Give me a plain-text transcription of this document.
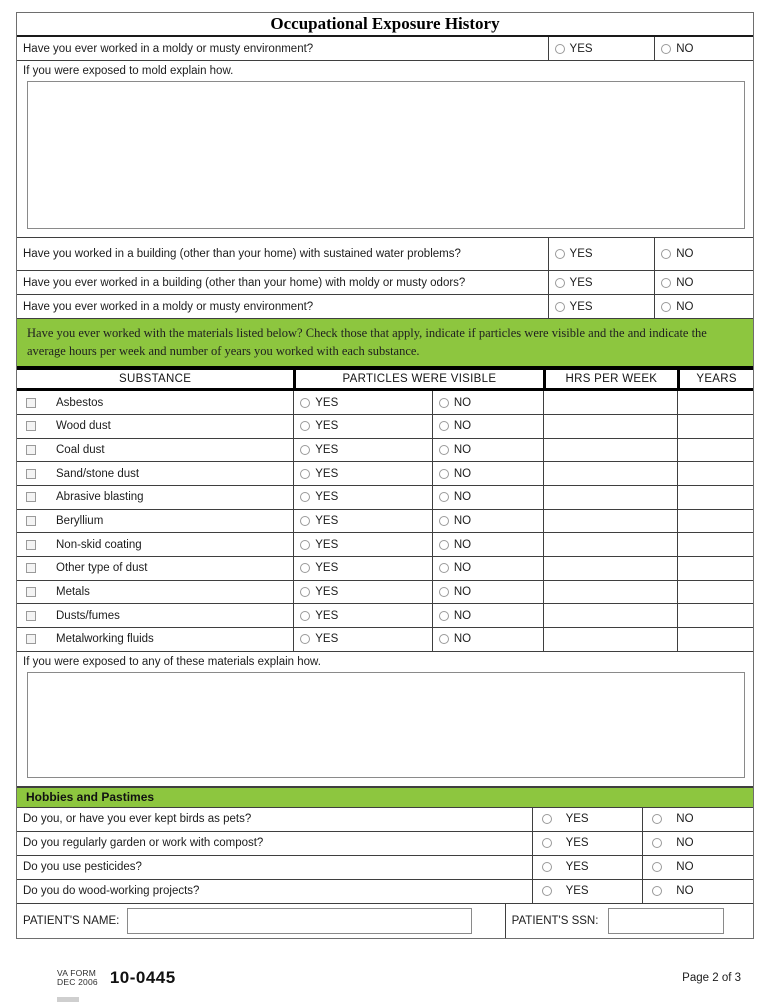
Occupational Exposure History
Have you ever worked in a moldy or musty environment?	YES	NO
If you were exposed to mold explain how.
Have you worked in a building (other than your home) with sustained water problems?	YES	NO
Have you ever worked in a building (other than your home) with moldy or musty odors?	YES	NO
Have you ever worked in a moldy or musty environment?	YES	NO
Have you ever worked with the materials listed below? Check those that apply, indicate if particles were visible and the and indicate the average hours per week and number of years you worked with each substance.
SUBSTANCE	PARTICLES WERE VISIBLE	HRS PER WEEK	YEARS
Asbestos	YES	NO
Wood dust	YES	NO
Coal dust	YES	NO
Sand/stone dust	YES	NO
Abrasive blasting	YES	NO
Beryllium	YES	NO
Non-skid coating	YES	NO
Other type of dust	YES	NO
Metals	YES	NO
Dusts/fumes	YES	NO
Metalworking fluids	YES	NO
If you were exposed to any of these materials explain how.
Hobbies and Pastimes
Do you, or have you ever kept birds as pets?	YES	NO
Do you regularly garden or work with compost?	YES	NO
Do you use pesticides?	YES	NO
Do you do wood-working projects?	YES	NO
PATIENT'S NAME:	PATIENT'S SSN:
VA FORM
DEC 2006 10-0445	Page 2 of 3
